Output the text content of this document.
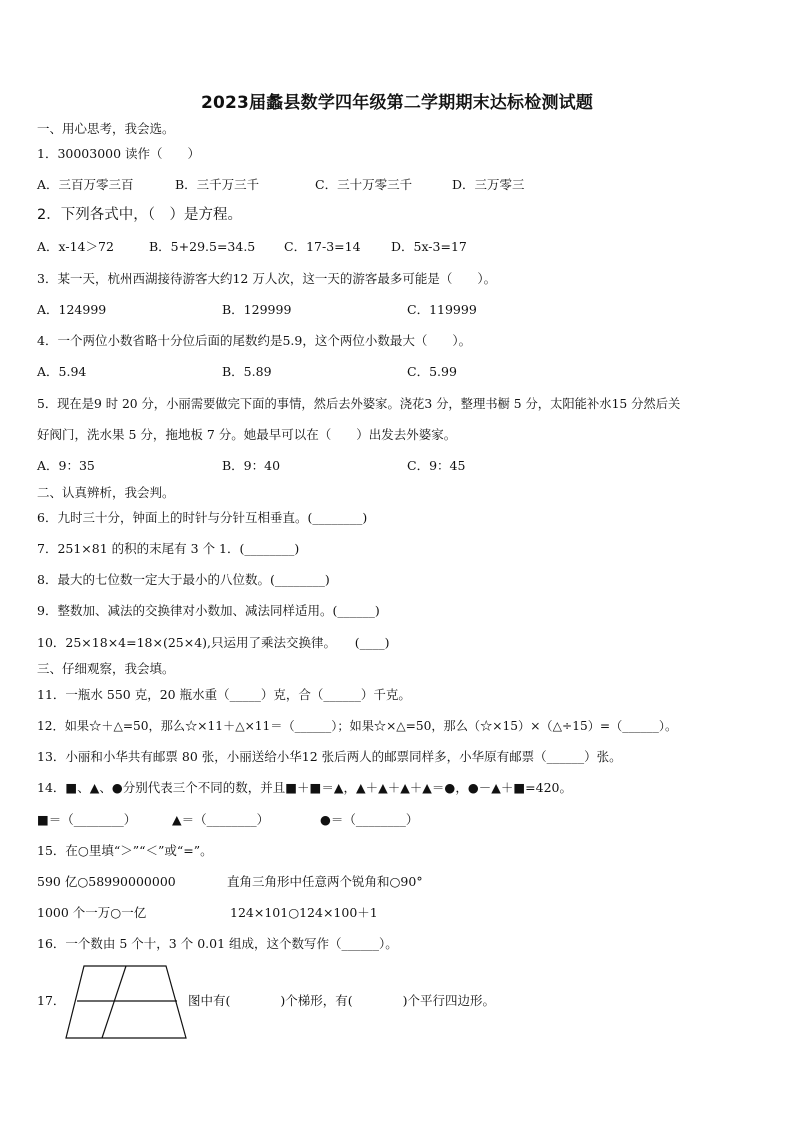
2023届蠡县数学四年级第二学期期末达标检测试题
一、用心思考，我会选。
1．30003000 读作（　　）
A．三百万零三百	B．三千万三千	C．三十万零三千	D．三万零三
2．下列各式中，（　）是方程。
A．x-14＞72	B．5+29.5=34.5 C．17-3=14 D．5x-3=17
3．某一天，杭州西湖接待游客大约12 万人次，这一天的游客最多可能是（　　）。
A．124999	B．129999	C．119999
4．一个两位小数省略十分位后面的尾数约是5.9，这个两位小数最大（　　）。
A．5.94	B．5.89	C．5.99
5．现在是9 时 20 分，小丽需要做完下面的事情，然后去外婆家。浇花3 分，整理书橱 5 分，太阳能补水15 分然后关
好阀门，洗水果 5 分，拖地板 7 分。她最早可以在（　　）出发去外婆家。
A．9：35	B．9：40	C．9：45
二、认真辨析，我会判。
6．九时三十分，钟面上的时针与分针互相垂直。(________)
7．251×81 的积的末尾有 3 个 1．(________)
8．最大的七位数一定大于最小的八位数。(________)
9．整数加、减法的交换律对小数加、减法同样适用。(______)
10．25×18×4=18×(25×4),只运用了乘法交换律。　　(____)
三、仔细观察，我会填。
11．一瓶水 550 克，20 瓶水重（_____）克，合（______）千克。
12．如果☆＋△=50，那么☆×11＋△×11＝（______）；如果☆×△=50，那么（☆×15）×（△÷15）=（______）。
13．小丽和小华共有邮票 80 张，小丽送给小华12 张后两人的邮票同样多，小华原有邮票（______）张。
14．■、▲、●分别代表三个不同的数，并且■＋■＝▲，▲＋▲＋▲＋▲＝●，●－▲＋■=420。
■＝（________）	▲＝（________）	●＝（________）
15．在○里填“＞”“＜”或“=”。
590 亿○58990000000	直角三角形中任意两个锐角和○90°
1000 个一万○一亿	124×101○124×100＋1
16．一个数由 5 个十，3 个 0.01 组成，这个数写作（______）。
17．	图中有(　　　　)个梯形，有(　　　　)个平行四边形。
